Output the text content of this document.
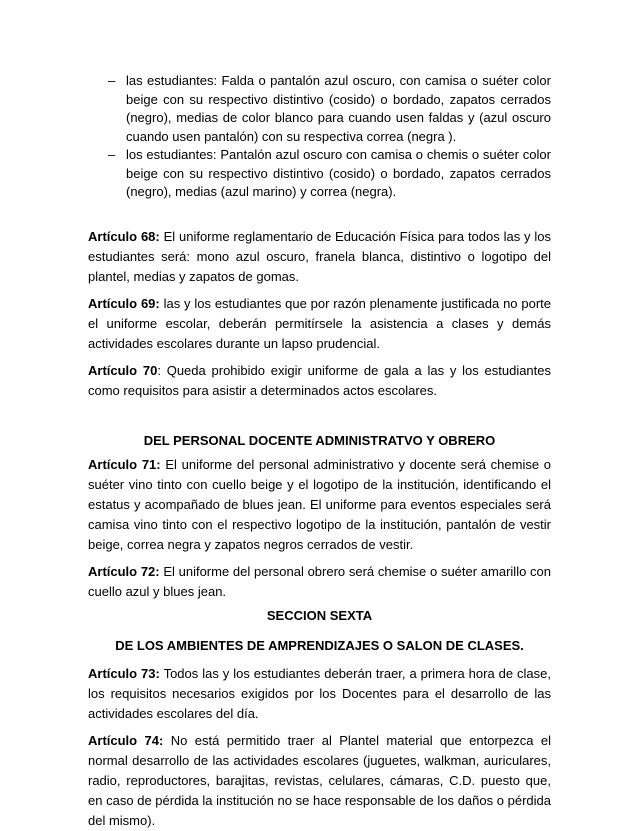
– las estudiantes: Falda o pantalón azul oscuro, con camisa o suéter color beige con su respectivo distintivo (cosido) o bordado, zapatos cerrados (negro), medias de color blanco para cuando usen faldas y (azul oscuro cuando usen pantalón) con su respectiva correa (negra ).
– los estudiantes: Pantalón azul oscuro con camisa o chemis o suéter color beige con su respectivo distintivo (cosido) o bordado, zapatos cerrados (negro), medias (azul marino) y correa (negra).

Artículo 68: El uniforme reglamentario de Educación Física para todos las y los estudiantes será: mono azul oscuro, franela blanca, distintivo o logotipo del plantel, medias y zapatos de gomas.

Artículo 69: las y los estudiantes que por razón plenamente justificada no porte el uniforme escolar, deberán permitírsele la asistencia a clases y demás actividades escolares durante un lapso prudencial.

Artículo 70: Queda prohibido exigir uniforme de gala a las y los estudiantes como requisitos para asistir a determinados actos escolares.

DEL PERSONAL DOCENTE ADMINISTRATVO Y OBRERO

Artículo 71: El uniforme del personal administrativo y docente será chemise o suéter vino tinto con cuello beige y el logotipo de la institución, identificando el estatus y acompañado de blues jean. El uniforme para eventos especiales será camisa vino tinto con el respectivo logotipo de la institución, pantalón de vestir beige, correa negra y zapatos negros cerrados de vestir.

Artículo 72: El uniforme del personal obrero será chemise o suéter amarillo con cuello azul y blues jean.

SECCION SEXTA
DE LOS AMBIENTES DE AMPRENDIZAJES O SALON DE CLASES.

Artículo 73: Todos las y los estudiantes deberán traer, a primera hora de clase, los requisitos necesarios exigidos por los Docentes para el desarrollo de las actividades escolares del día.

Artículo 74: No está permitido traer al Plantel material que entorpezca el normal desarrollo de las actividades escolares (juguetes, walkman, auriculares, radio, reproductores, barajitas, revistas, celulares, cámaras, C.D. puesto que, en caso de pérdida la institución no se hace responsable de los daños o pérdida del mismo).
